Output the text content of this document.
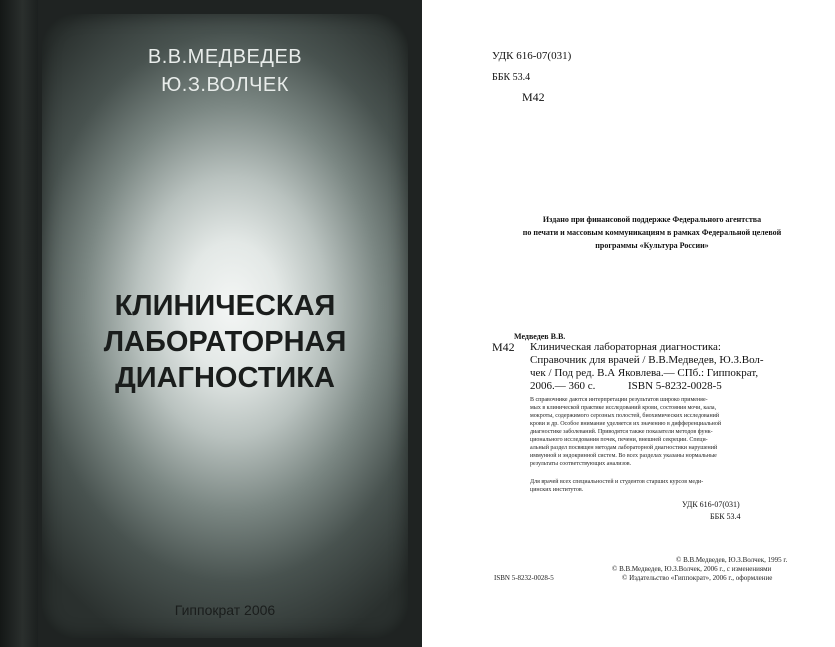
В.В.МЕДВЕДЕВ
Ю.З.ВОЛЧЕК
КЛИНИЧЕСКАЯ
ЛАБОРАТОРНАЯ
ДИАГНОСТИКА
Гиппократ 2006
УДК 616-07(031)
ББК 53.4
М42
Издано при финансовой поддержке Федерального агентства
по печати и массовым коммуникациям в рамках Федеральной целевой
программы «Культура России»
Медведев В.В.
М42 Клиническая лабораторная диагностика:
Справочник для врачей / В.В.Медведев, Ю.З.Вол-
чек / Под ред. В.А Яковлева.— СПб.: Гиппократ,
2006.— 360 с.	ISBN 5-8232-0028-5
В справочнике даются интерпретации результатов широко применяе-
мых в клинической практике исследований крови, состояния мочи, кала,
мокроты, содержимого серозных полостей, биохимических исследований
крови и др. Особое внимание уделяется их значению в дифференциальной
диагностике заболеваний. Приводятся также показатели методов функ-
ционального исследования почек, печени, внешней секреции. Специ-
альный раздел посвящен методам лабораторной диагностики нарушений
иммунной и эндокринной систем. Во всех разделах указаны нормальные
результаты соответствующих анализов.
Для врачей всех специальностей и студентов старших курсов меди-
цинских институтов.
УДК 616-07(031)
ББК 53.4
© В.В.Медведев, Ю.З.Волчек, 1995 г.
© В.В.Медведев, Ю.З.Волчек, 2006 г., с изменениями
ISBN 5-8232-0028-5	© Издательство «Гиппократ», 2006 г., оформление
